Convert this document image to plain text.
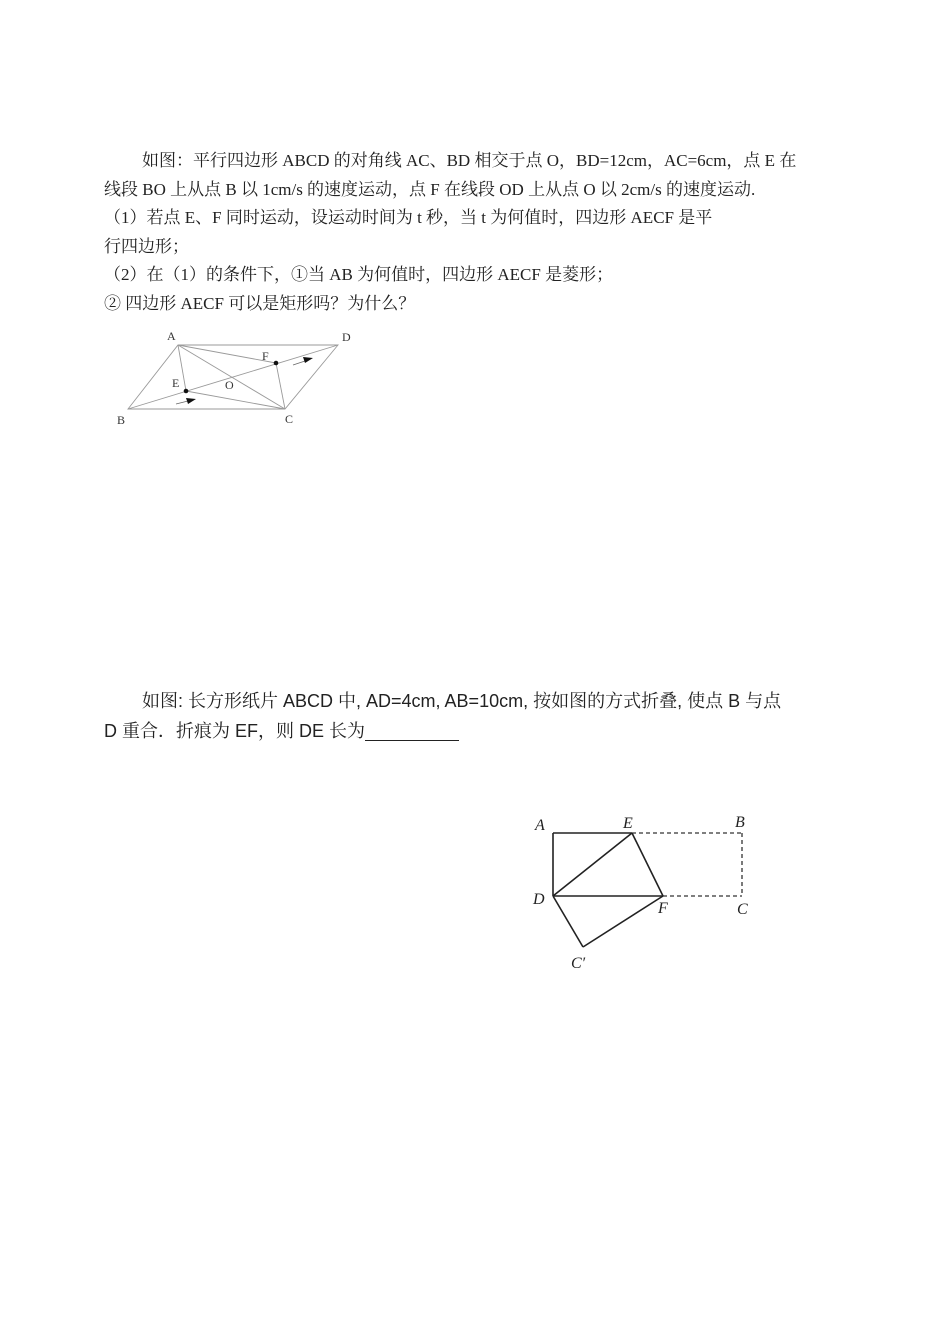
如图：平行四边形 ABCD 的对角线 AC、BD 相交于点 O，BD=12cm，AC=6cm，点 E 在
线段 BO 上从点 B 以 1cm/s 的速度运动，点 F 在线段 OD 上从点 O 以 2cm/s 的速度运动.
（1）若点 E、F 同时运动，设运动时间为 t 秒，当 t 为何值时，四边形 AECF 是平
行四边形；
（2）在（1）的条件下，①当 AB 为何值时，四边形 AECF 是菱形；
② 四边形 AECF 可以是矩形吗？为什么？
A	D
F
E	O
B	C
如图: 长方形纸片 ABCD 中, AD=4cm, AB=10cm, 按如图的方式折叠, 使点 B 与点
D 重合．折痕为 EF，则 DE 长为
A	E	B
D
F	C
C′
